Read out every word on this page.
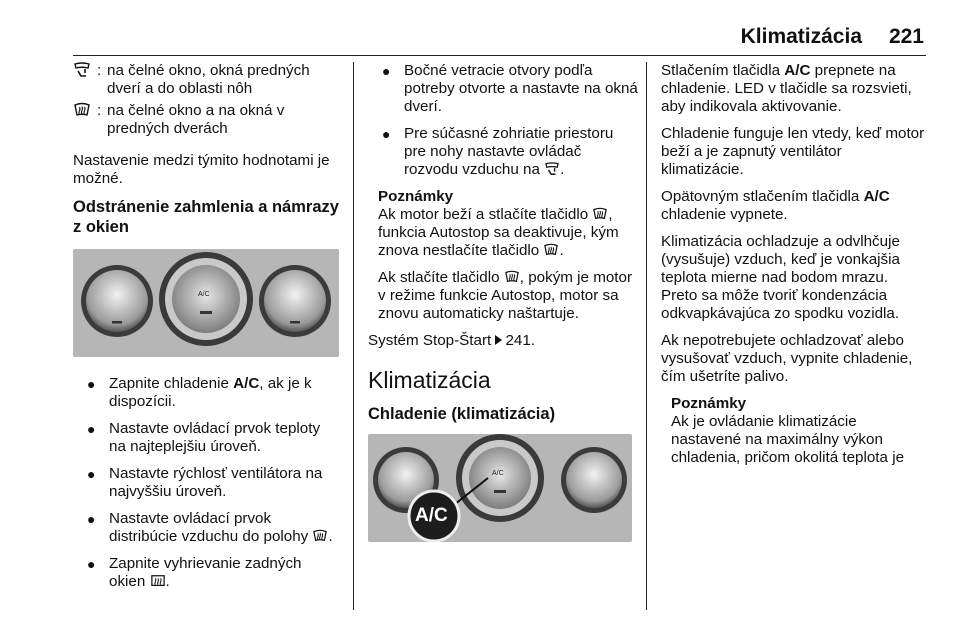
Klimatizácia 221
: na čelné okno, okná predných dverí a do oblasti nôh
: na čelné okno a na okná v predných dverách

Nastavenie medzi týmito hodnotami je možné.

Odstránenie zahmlenia a námrazy z okien
A/C
● Zapnite chladenie A/C, ak je k dispozícii.
● Nastavte ovládací prvok teploty na najteplejšiu úroveň.
● Nastavte rýchlosť ventilátora na najvyššiu úroveň.
● Nastavte ovládací prvok distribúcie vzduchu do polohy .
● Zapnite vyhrievanie zadných okien .
● Bočné vetracie otvory podľa potreby otvorte a nastavte na okná dverí.
● Pre súčasné zohriatie priestoru pre nohy nastavte ovládač rozvodu vzduchu na .
Poznámky

Ak motor beží a stlačíte tlačidlo , funkcia Autostop sa deaktivuje, kým znova nestlačíte tlačidlo .

Ak stlačíte tlačidlo , pokým je motor v režime funkcie Autostop, motor sa znovu automaticky naštartuje.

Systém Stop-Štart 241.

Klimatizácia
Chladenie (klimatizácia)
A/C
A/C

Stlačením tlačidla A/C prepnete na chladenie. LED v tlačidle sa rozsvieti, aby indikovala aktivovanie.

Chladenie funguje len vtedy, keď motor beží a je zapnutý ventilátor klimatizácie.

Opätovným stlačením tlačidla A/C chladenie vypnete.

Klimatizácia ochladzuje a odvlhčuje (vysušuje) vzduch, keď je vonkajšia teplota mierne nad bodom mrazu. Preto sa môže tvoriť kondenzácia odkvapkávajúca zo spodku vozidla.

Ak nepotrebujete ochladzovať alebo vysušovať vzduch, vypnite chladenie, čím ušetríte palivo.

Poznámky

Ak je ovládanie klimatizácie nastavené na maximálny výkon chladenia, pričom okolitá teplota je
